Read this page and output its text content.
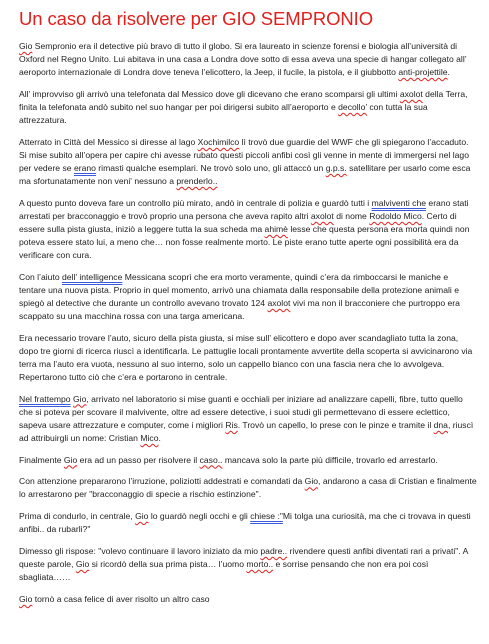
Un caso da risolvere per GIO SEMPRONIO

Gio Sempronio era il detective più bravo di tutto il globo. Si era laureato in scienze forensi e biologia all’università di Oxford nel Regno Unito. Lui abitava in una casa a Londra dove sotto di essa aveva una specie di hangar collegato all’ aeroporto internazionale di Londra dove teneva l’elicottero, la Jeep, il fucile, la pistola, e il giubbotto anti-projettile.

All’ improvviso gli arrivò una telefonata dal Messico dove gli dicevano che erano scomparsi gli ultimi axolot della Terra, finita la telefonata andò subito nel suo hangar per poi dirigersi subito all’aeroporto e decollo’ con tutta la sua attrezzatura.

Atterrato in Città del Messico si diresse al lago Xochimilco lì trovò due guardie del WWF che gli spiegarono l’accaduto. Si mise subito all’opera per capire chi avesse rubato questi piccoli anfibi così gli venne in mente di immergersi nel lago per vedere se erano rimasti qualche esemplari. Ne trovò solo uno, gli attaccò un g.p.s. satellitare per usarlo come esca ma sfortunatamente non veni' nessuno a prenderlo..

A questo punto doveva fare un controllo più mirato, andò in centrale di polizia e guardò tutti i malviventi che erano stati arrestati per bracconaggio e trovò proprio una persona che aveva rapito altri axolot di nome Rodoldo Mico. Certo di essere sulla pista giusta, iniziò a leggere tutta la sua scheda ma ahimè lesse che questa persona era morta quindi non poteva essere stato lui, a meno che… non fosse realmente morto. Le piste erano tutte aperte ogni possibilità era da verificare con cura.

Con l’aiuto dell’ intelligence Messicana scoprì che era morto veramente, quindi c’era da rimboccarsi le maniche e tentare una nuova pista. Proprio in quel momento, arrivò una chiamata dalla responsabile della protezione animali e spiegò al detective che durante un controllo avevano trovato 124 axolot vivi ma non il bracconiere che purtroppo era scappato su una macchina rossa con una targa americana.

Era necessario trovare l’auto, sicuro della pista giusta, si mise sull’ elicottero e dopo aver scandagliato tutta la zona, dopo tre giorni di ricerca riuscì a identificarla. Le pattuglie locali prontamente avvertite della scoperta si avvicinarono via terra ma l’auto era vuota, nessuno al suo interno, solo un cappello bianco con una fascia nera che lo avvolgeva. Repertarono tutto ciò che c’era e portarono in centrale.

Nel frattempo Gio, arrivato nel laboratorio si mise guanti e occhiali per iniziare ad analizzare capelli, fibre, tutto quello che si poteva per scovare il malvivente, oltre ad essere detective, i suoi studi gli permettevano di essere eclettico, sapeva usare attrezzature e computer, come i migliori Ris. Trovò un capello, lo prese con le pinze e tramite il dna, riuscì ad attribuirgli un nome: Cristian Mico.

Finalmente Gio era ad un passo per risolvere il caso.. mancava solo la parte più difficile, trovarlo ed arrestarlo.

Con attenzione prepararono l’irruzione, poliziotti addestrati e comandati da Gio, andarono a casa di Cristian e finalmente lo arrestarono per "bracconaggio di specie a rischio estinzione".

Prima di condurlo, in centrale, Gio lo guardò negli occhi e gli chiese :"Mi tolga una curiosità, ma che ci trovava in questi anfibi.. da rubarli?"

Dimesso gli rispose: "volevo continuare il lavoro iniziato da mio padre.. rivendere questi anfibi diventati rari a privati". A queste parole, Gio si ricordò della sua prima pista… l’uomo morto.. e sorrise pensando che non era poi così sbagliata……

Gio tornò a casa felice di aver risolto un altro caso
